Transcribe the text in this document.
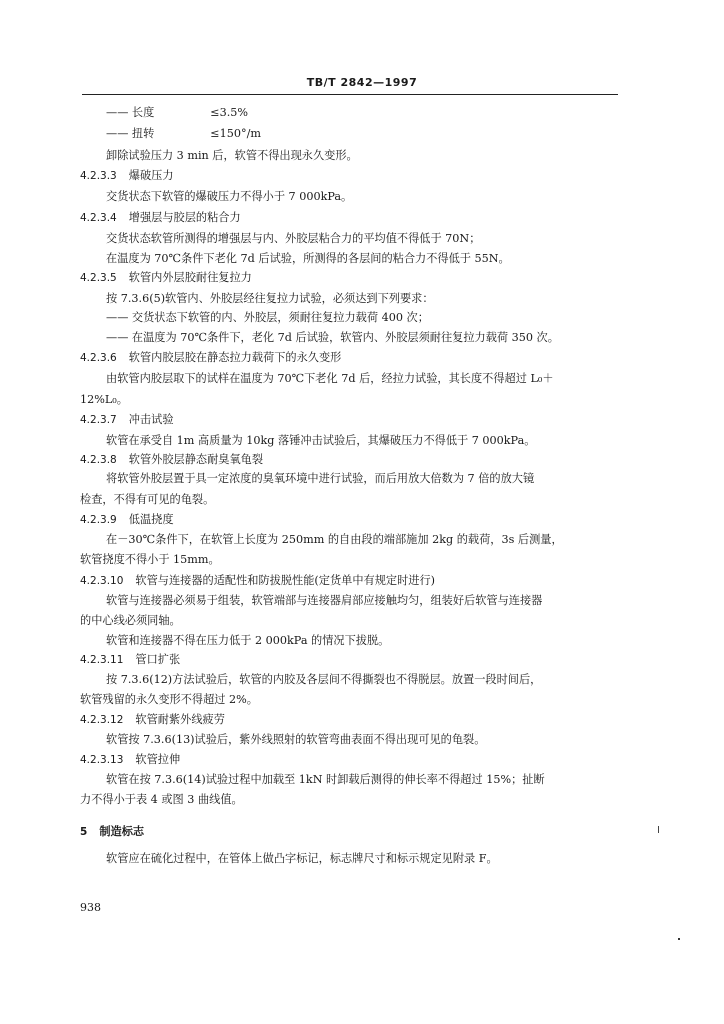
TB/T 2842—1997
—— 长度　　　　　≤3.5%
—— 扭转　　　　　≤150°/m
卸除试验压力 3 min 后，软管不得出现永久变形。
4.2.3.3 爆破压力
交货状态下软管的爆破压力不得小于 7 000kPa。
4.2.3.4 增强层与胶层的粘合力
交货状态软管所测得的增强层与内、外胶层粘合力的平均值不得低于 70N；
在温度为 70℃条件下老化 7d 后试验，所测得的各层间的粘合力不得低于 55N。
4.2.3.5 软管内外层胶耐往复拉力
按 7.3.6(5)软管内、外胶层经往复拉力试验，必须达到下列要求：
—— 交货状态下软管的内、外胶层，须耐往复拉力载荷 400 次；
—— 在温度为 70℃条件下，老化 7d 后试验，软管内、外胶层须耐往复拉力载荷 350 次。
4.2.3.6 软管内胶层胶在静态拉力载荷下的永久变形
由软管内胶层取下的试样在温度为 70℃下老化 7d 后，经拉力试验，其长度不得超过 L₀＋
12%L₀。
4.2.3.7 冲击试验
软管在承受自 1m 高质量为 10kg 落锤冲击试验后，其爆破压力不得低于 7 000kPa。
4.2.3.8 软管外胶层静态耐臭氧龟裂
将软管外胶层置于具一定浓度的臭氧环境中进行试验，而后用放大倍数为 7 倍的放大镜
检查，不得有可见的龟裂。
4.2.3.9 低温挠度
在－30℃条件下，在软管上长度为 250mm 的自由段的端部施加 2kg 的载荷，3s 后测量，
软管挠度不得小于 15mm。
4.2.3.10 软管与连接器的适配性和防拔脱性能(定货单中有规定时进行)
软管与连接器必须易于组装，软管端部与连接器肩部应接触均匀，组装好后软管与连接器
的中心线必须同轴。
软管和连接器不得在压力低于 2 000kPa 的情况下拔脱。
4.2.3.11 管口扩张
按 7.3.6(12)方法试验后，软管的内胶及各层间不得撕裂也不得脱层。放置一段时间后，
软管残留的永久变形不得超过 2%。
4.2.3.12 软管耐紫外线疲劳
软管按 7.3.6(13)试验后，紫外线照射的软管弯曲表面不得出现可见的龟裂。
4.2.3.13 软管拉伸
软管在按 7.3.6(14)试验过程中加载至 1kN 时卸载后测得的伸长率不得超过 15%；扯断
力不得小于表 4 或图 3 曲线值。
5 制造标志
软管应在硫化过程中，在管体上做凸字标记，标志牌尺寸和标示规定见附录 F。
938
